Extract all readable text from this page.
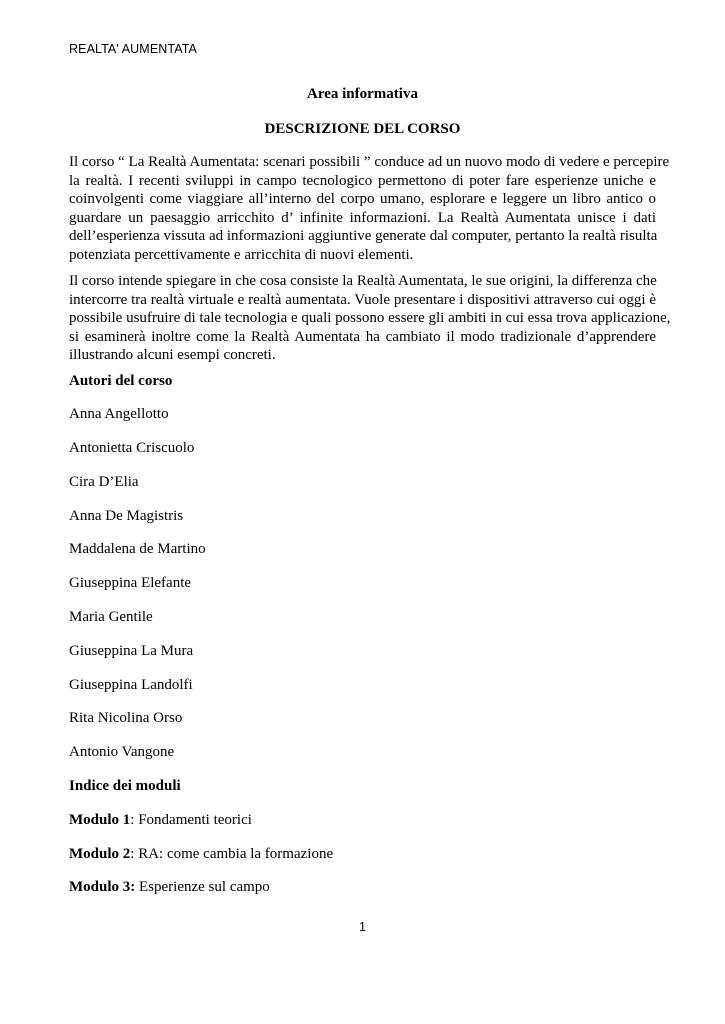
REALTA' AUMENTATA
Area informativa
DESCRIZIONE DEL CORSO
Il corso “ La Realtà Aumentata: scenari possibili ” conduce ad un nuovo modo di vedere e percepire
la realtà. I recenti sviluppi in campo tecnologico permettono di poter fare esperienze uniche e
coinvolgenti come viaggiare all’interno del corpo umano, esplorare e leggere un libro antico o
guardare un paesaggio arricchito d’ infinite informazioni. La Realtà Aumentata unisce i dati
dell’esperienza vissuta ad informazioni aggiuntive generate dal computer, pertanto la realtà risulta
potenziata percettivamente e arricchita di nuovi elementi.
Il corso intende spiegare in che cosa consiste la Realtà Aumentata, le sue origini, la differenza che
intercorre tra realtà virtuale e realtà aumentata. Vuole presentare i dispositivi attraverso cui oggi è
possibile usufruire di tale tecnologia e quali possono essere gli ambiti in cui essa trova applicazione,
si esaminerà inoltre come la Realtà Aumentata ha cambiato il modo tradizionale d’apprendere
illustrando alcuni esempi concreti.
Autori del corso
Anna Angellotto
Antonietta Criscuolo
Cira D’Elia
Anna De Magistris
Maddalena de Martino
Giuseppina Elefante
Maria Gentile
Giuseppina La Mura
Giuseppina Landolfi
Rita Nicolina Orso
Antonio Vangone
Indice dei moduli
Modulo 1: Fondamenti teorici
Modulo 2: RA: come cambia la formazione
Modulo 3: Esperienze sul campo
1
